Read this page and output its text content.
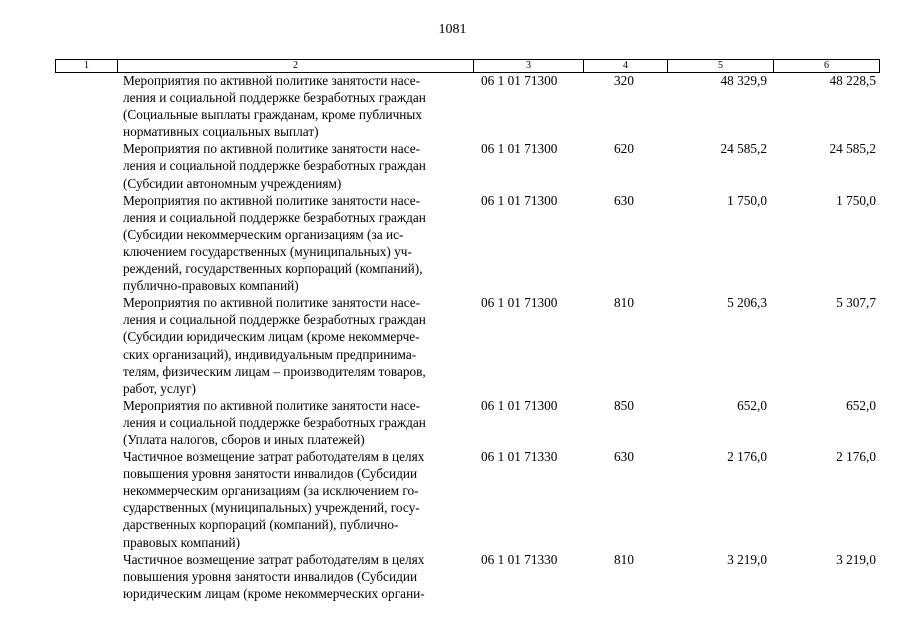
1081
1	2	3	4	5	6
Мероприятия по активной политике занятости насе-
ления и социальной поддержке безработных граждан
(Социальные выплаты гражданам, кроме публичных
нормативных социальных выплат)
06 1 01 71300	320	48 329,9	48 228,5
Мероприятия по активной политике занятости насе-
ления и социальной поддержке безработных граждан
(Субсидии автономным учреждениям)
06 1 01 71300	620	24 585,2	24 585,2
Мероприятия по активной политике занятости насе-
ления и социальной поддержке безработных граждан
(Субсидии некоммерческим организациям (за ис-
ключением государственных (муниципальных) уч-
реждений, государственных корпораций (компаний),
публично-правовых компаний)
06 1 01 71300	630	1 750,0	1 750,0
Мероприятия по активной политике занятости насе-
ления и социальной поддержке безработных граждан
(Субсидии юридическим лицам (кроме некоммерче-
ских организаций), индивидуальным предпринима-
телям, физическим лицам – производителям товаров,
работ, услуг)
06 1 01 71300	810	5 206,3	5 307,7
Мероприятия по активной политике занятости насе-
ления и социальной поддержке безработных граждан
(Уплата налогов, сборов и иных платежей)
06 1 01 71300	850	652,0	652,0
Частичное возмещение затрат работодателям в целях
повышения уровня занятости инвалидов (Субсидии
некоммерческим организациям (за исключением го-
сударственных (муниципальных) учреждений, госу-
дарственных корпораций (компаний), публично-
правовых компаний)
06 1 01 71330	630	2 176,0	2 176,0
Частичное возмещение затрат работодателям в целях
повышения уровня занятости инвалидов (Субсидии
юридическим лицам (кроме некоммерческих органи-
06 1 01 71330	810	3 219,0	3 219,0
